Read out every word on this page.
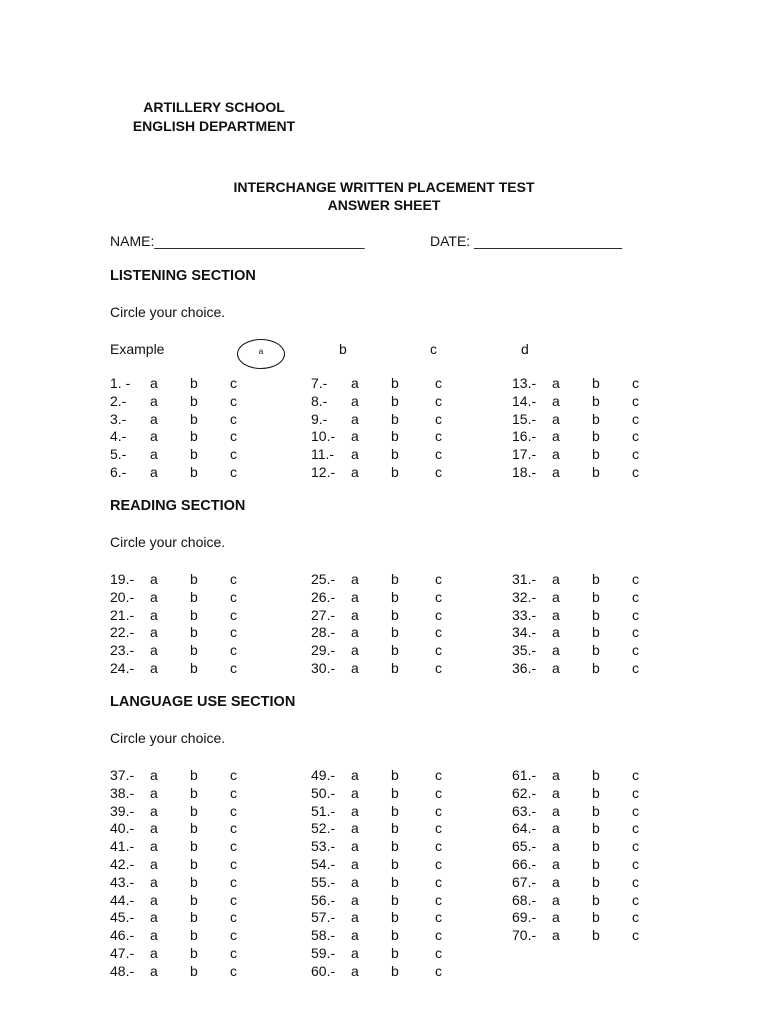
ARTILLERY SCHOOL
ENGLISH DEPARTMENT
INTERCHANGE WRITTEN PLACEMENT TEST
ANSWER SHEET
NAME:___________________________	DATE: ___________________
LISTENING SECTION
Circle your choice.
Example	a	b	c	d
1. - a b c
2.- a b c
3.- a b c
4.- a b c
5.- a b c
6.- a b c
7.- a b	c
8.- a b	c
9.- a b	c
10.- a b	c
11.- a b	c
12.- a b	c
13.- a b c
14.- a b c
15.- a b c
16.- a b c
17.- a b c
18.- a b c
READING SECTION
Circle your choice.
19.- a b c
20.- a b c
21.- a b c
22.- a b c
23.- a b c
24.- a b c
25.- a b	c
26.- a b	c
27.- a b	c
28.- a b	c
29.- a b	c
30.- a b	c
31.- a b c
32.- a b c
33.- a b c
34.- a b c
35.- a b c
36.- a b c
LANGUAGE USE SECTION
Circle your choice.
37.- a b c
38.- a b c
39.- a b c
40.- a b c
41.- a b c
42.- a b c
43.- a b c
44.- a b c
45.- a b c
46.- a b c
47.- a b c
48.- a b c
49.- a b	c
50.- a b	c
51.- a b	c
52.- a b	c
53.- a b	c
54.- a b	c
55.- a b	c
56.- a b	c
57.- a b	c
58.- a b	c
59.- a b	c
60.- a b	c
61.- a b c
62.- a b c
63.- a b c
64.- a b c
65.- a b c
66.- a b c
67.- a b c
68.- a b c
69.- a b c
70.- a b c
